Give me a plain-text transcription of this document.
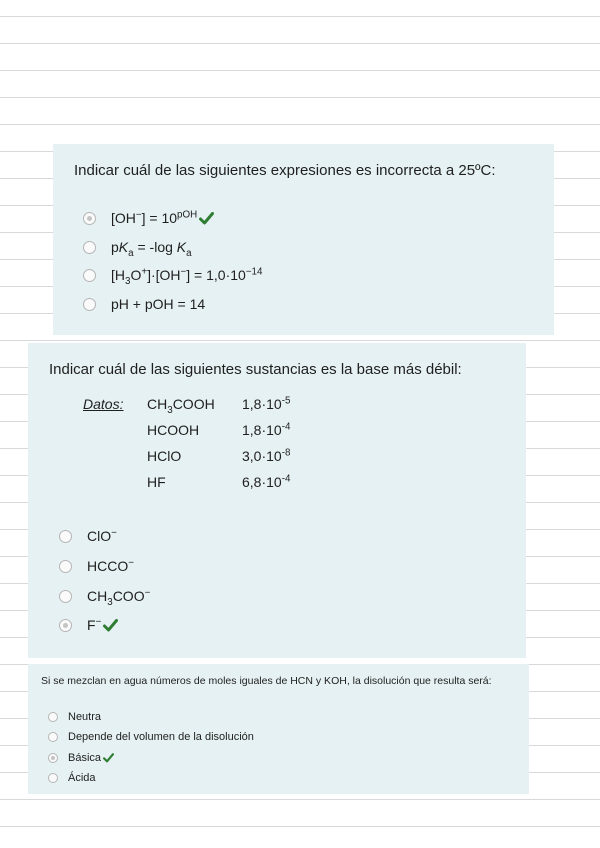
Indicar cuál de las siguientes expresiones es incorrecta a 25ºC:
$[OH^-] = 10^{pOH}$
$pK_a = -\log$ $K_a$
$[H_3O^+]\cdot[OH^-] = 1,0\cdot 10^{-14}$
pH + pOH = 14
Indicar cuál de las siguientes sustancias es la base más débil:
Datos: $CH_3COOH$ $1,8\cdot 10^{-5}$
HCOOH	$1,8\cdot 10^{-4}$
HClO	$3,0\cdot 10^{-8}$
HF	$6,8\cdot 10^{-4}$
ClO−
HCCO−
$CH_3COO^-$
F−
Si se mezclan en agua números de moles iguales de HCN y KOH, la disolución que resulta será:
Neutra
Depende del volumen de la disolución
Básica
Ácida
